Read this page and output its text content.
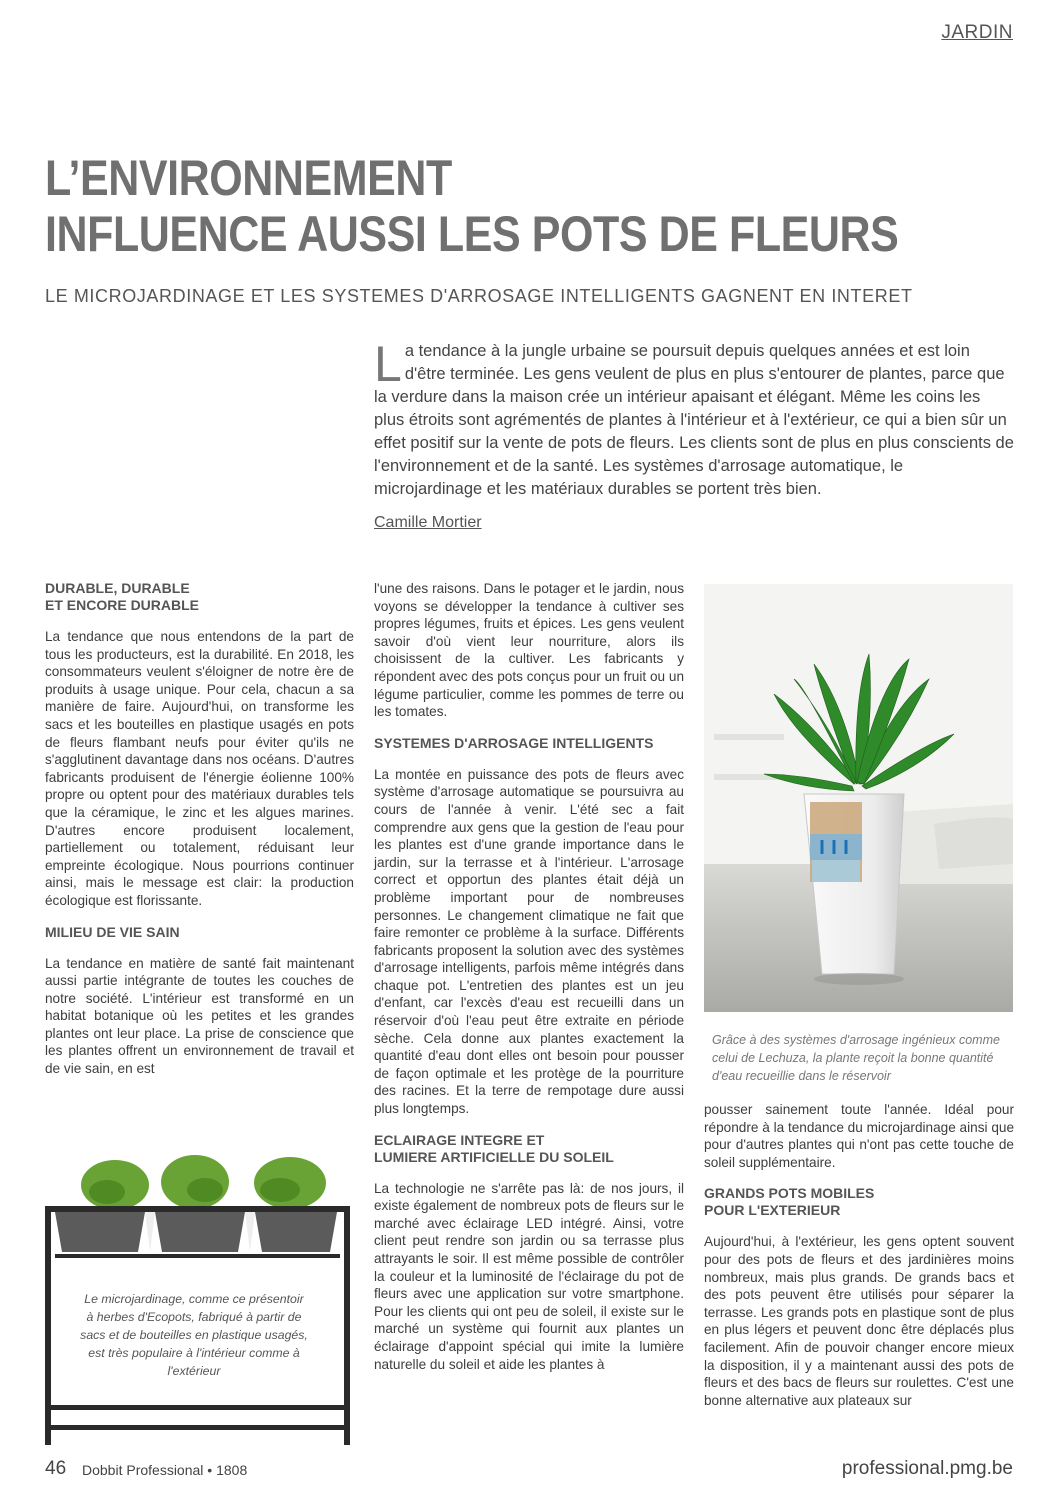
JARDIN
L’ENVIRONNEMENT
INFLUENCE AUSSI LES POTS DE FLEURS
LE MICROJARDINAGE ET LES SYSTEMES D'ARROSAGE INTELLIGENTS GAGNENT EN INTERET

La tendance à la jungle urbaine se poursuit depuis quelques années et est loin d'être terminée. Les gens veulent de plus en plus s'entourer de plantes, parce que la verdure dans la maison crée un intérieur apaisant et élégant. Même les coins les plus étroits sont agrémentés de plantes à l'intérieur et à l'extérieur, ce qui a bien sûr un effet positif sur la vente de pots de fleurs. Les clients sont de plus en plus conscients de l'environnement et de la santé. Les systèmes d'arrosage automatique, le microjardinage et les matériaux durables se portent très bien.

Camille Mortier
DURABLE, DURABLE
ET ENCORE DURABLE

La tendance que nous entendons de la part de tous les producteurs, est la durabilité. En 2018, les consommateurs veulent s'éloigner de notre ère de produits à usage unique. Pour cela, chacun a sa manière de faire. Aujourd'hui, on transforme les sacs et les bouteilles en plastique usagés en pots de fleurs flambant neufs pour éviter qu'ils ne s'agglutinent davantage dans nos océans. D'autres fabricants produisent de l'énergie éolienne 100% propre ou optent pour des matériaux durables tels que la céramique, le zinc et les algues marines. D'autres encore produisent localement, partiellement ou totalement, réduisant leur empreinte écologique. Nous pourrions continuer ainsi, mais le message est clair: la production écologique est florissante.

MILIEU DE VIE SAIN

La tendance en matière de santé fait maintenant aussi partie intégrante de toutes les couches de notre société. L'intérieur est transformé en un habitat botanique où les petites et les grandes plantes ont leur place. La prise de conscience que les plantes offrent un environnement de travail et de vie sain, en est

l'une des raisons. Dans le potager et le jardin, nous voyons se développer la tendance à cultiver ses propres légumes, fruits et épices. Les gens veulent savoir d'où vient leur nourriture, alors ils choisissent de la cultiver. Les fabricants y répondent avec des pots conçus pour un fruit ou un légume particulier, comme les pommes de terre ou les tomates.

SYSTEMES D'ARROSAGE INTELLIGENTS

La montée en puissance des pots de fleurs avec système d'arrosage automatique se poursuivra au cours de l'année à venir. L'été sec a fait comprendre aux gens que la gestion de l'eau pour les plantes est d'une grande importance dans le jardin, sur la terrasse et à l'intérieur. L'arrosage correct et opportun des plantes était déjà un problème important pour de nombreuses personnes. Le changement climatique ne fait que faire remonter ce problème à la surface. Différents fabricants proposent la solution avec des systèmes d'arrosage intelligents, parfois même intégrés dans chaque pot. L'entretien des plantes est un jeu d'enfant, car l'excès d'eau est recueilli dans un réservoir d'où l'eau peut être extraite en période sèche. Cela donne aux plantes exactement la quantité d'eau dont elles ont besoin pour pousser de façon optimale et les protège de la pourriture des racines. Et la terre de rempotage dure aussi plus longtemps.

ECLAIRAGE INTEGRE ET
LUMIERE ARTIFICIELLE DU SOLEIL

La technologie ne s'arrête pas là: de nos jours, il existe également de nombreux pots de fleurs sur le marché avec éclairage LED intégré. Ainsi, votre client peut rendre son jardin ou sa terrasse plus attrayants le soir. Il est même possible de contrôler la couleur et la luminosité de l'éclairage du pot de fleurs avec une application sur votre smartphone. Pour les clients qui ont peu de soleil, il existe sur le marché un système qui fournit aux plantes un éclairage d'appoint spécial qui imite la lumière naturelle du soleil et aide les plantes à

Grâce à des systèmes d'arrosage ingénieux comme celui de Lechuza, la plante reçoit la bonne quantité d'eau recueillie dans le réservoir

pousser sainement toute l'année. Idéal pour répondre à la tendance du microjardinage ainsi que pour d'autres plantes qui n'ont pas cette touche de soleil supplémentaire.

GRANDS POTS MOBILES
POUR L'EXTERIEUR

Aujourd'hui, à l'extérieur, les gens optent souvent pour des pots de fleurs et des jardinières moins nombreux, mais plus grands. De grands bacs et des pots peuvent être utilisés pour séparer la terrasse. Les grands pots en plastique sont de plus en plus légers et peuvent donc être déplacés plus facilement. Afin de pouvoir changer encore mieux la disposition, il y a maintenant aussi des pots de fleurs et des bacs de fleurs sur roulettes. C'est une bonne alternative aux plateaux sur

Le microjardinage, comme ce présentoir à herbes d'Ecopots, fabriqué à partir de sacs et de bouteilles en plastique usagés, est très populaire à l'intérieur comme à l'extérieur
46 Dobbit Professional • 1808	professional.pmg.be
